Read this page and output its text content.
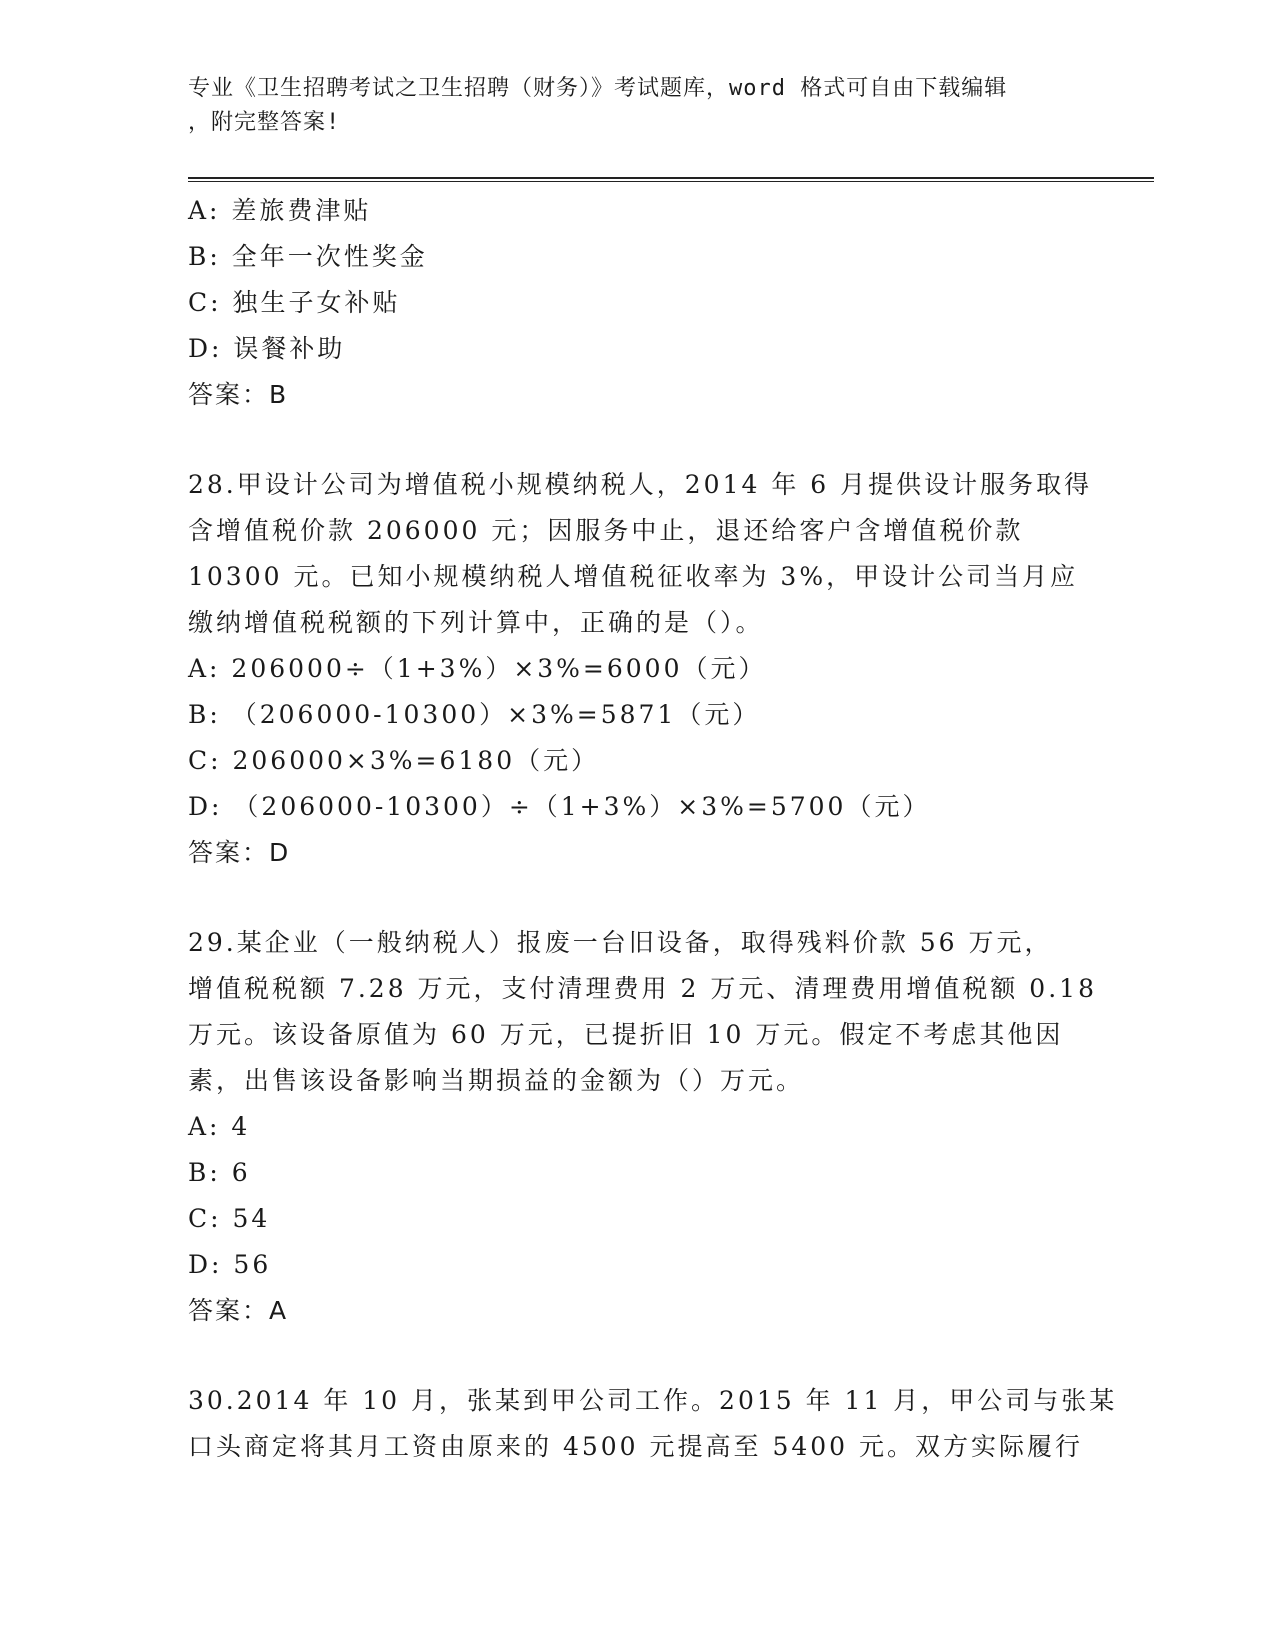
专业《卫生招聘考试之卫生招聘（财务）》考试题库，word 格式可自由下载编辑
，附完整答案!
A: 差旅费津贴
B: 全年一次性奖金
C: 独生子女补贴
D: 误餐补助
答案：B
28.甲设计公司为增值税小规模纳税人，2014 年 6 月提供设计服务取得
含增值税价款 206000 元；因服务中止，退还给客户含增值税价款
10300 元。已知小规模纳税人增值税征收率为 3%，甲设计公司当月应
缴纳增值税税额的下列计算中，正确的是（）。
A: 206000÷（1+3%）×3%=6000（元）
B: （206000-10300）×3%=5871（元）
C: 206000×3%=6180（元）
D: （206000-10300）÷（1+3%）×3%=5700（元）
答案：D
29.某企业（一般纳税人）报废一台旧设备，取得残料价款 56 万元，
增值税税额 7.28 万元，支付清理费用 2 万元、清理费用增值税额 0.18
万元。该设备原值为 60 万元，已提折旧 10 万元。假定不考虑其他因
素，出售该设备影响当期损益的金额为（）万元。
A: 4
B: 6
C: 54
D: 56
答案：A
30.2014 年 10 月，张某到甲公司工作。2015 年 11 月，甲公司与张某
口头商定将其月工资由原来的 4500 元提高至 5400 元。双方实际履行
